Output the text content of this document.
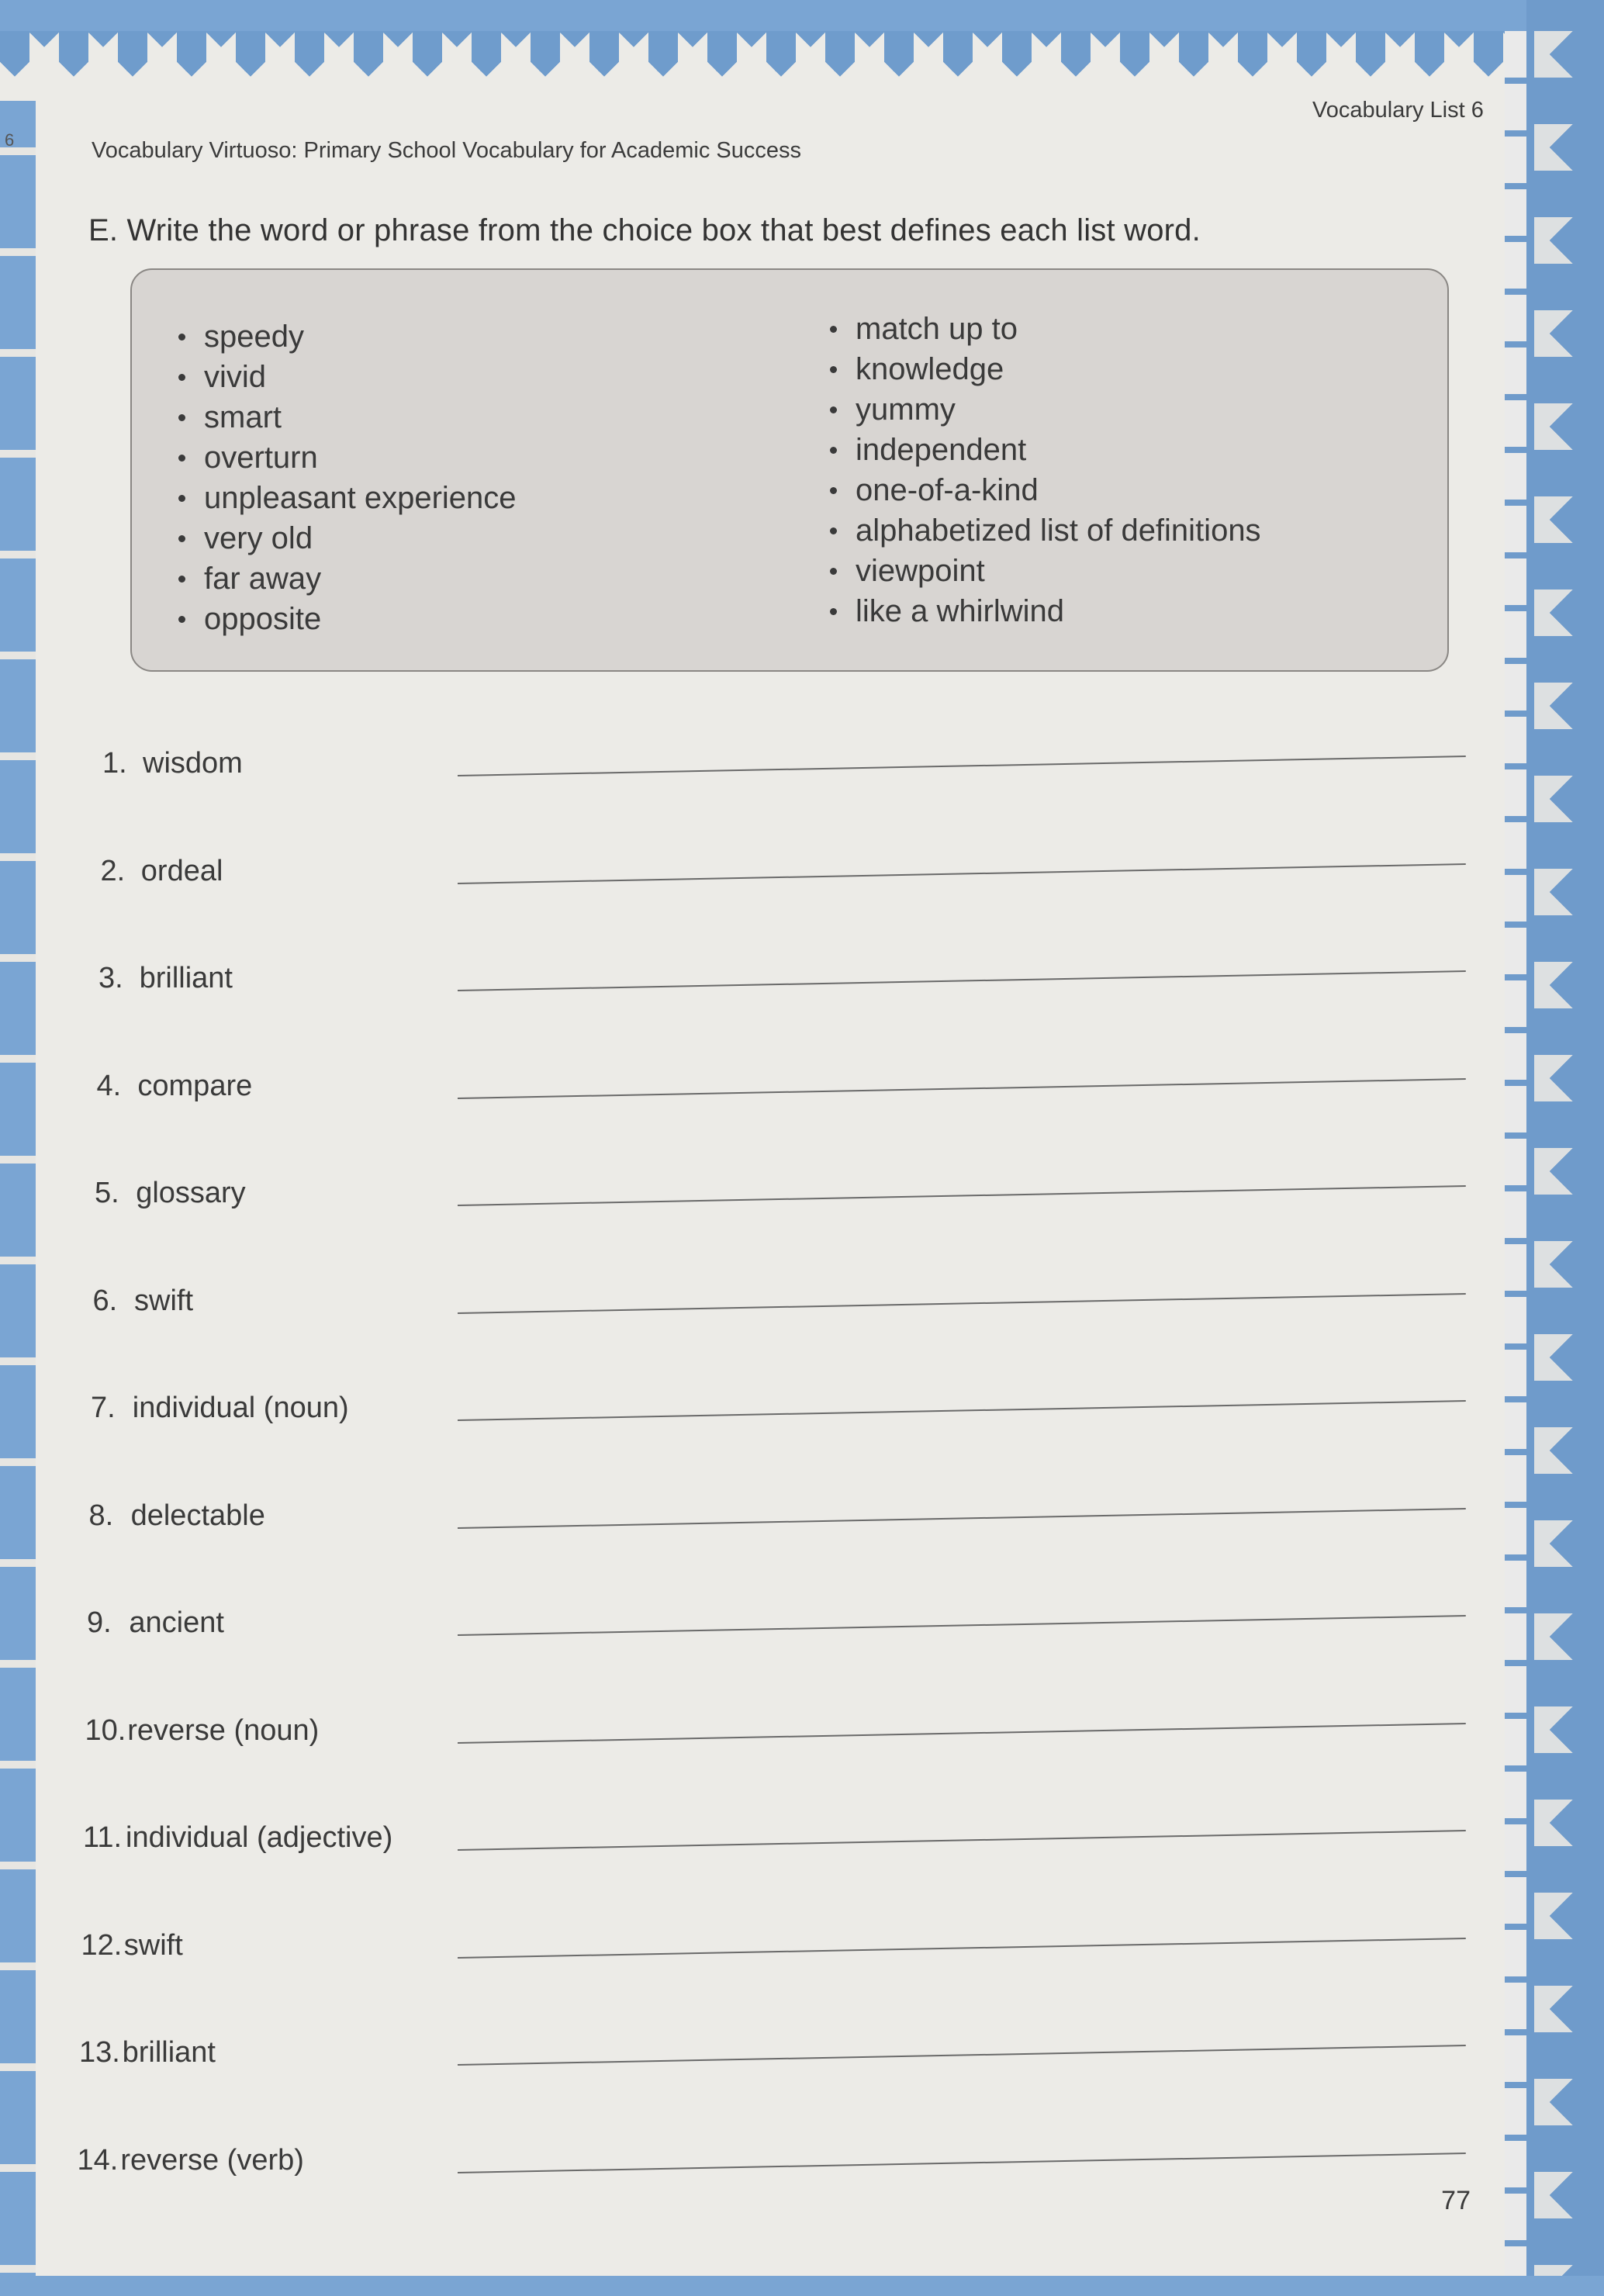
6	Vocabulary Virtuoso: Primary School Vocabulary for Academic Success
Vocabulary List 6
E. Write the word or phrase from the choice box that best defines each list word.
speedy
vivid
smart
overturn
unpleasant experience
very old
far away
opposite
match up to
knowledge
yummy
independent
one-of-a-kind
alphabetized list of definitions
viewpoint
like a whirlwind
1. wisdom
2. ordeal
3. brilliant
4. compare
5. glossary
6. swift
7. individual (noun)
8. delectable
9. ancient
10. reverse (noun)
11. individual (adjective)
12. swift
13. brilliant
14. reverse (verb)
77
